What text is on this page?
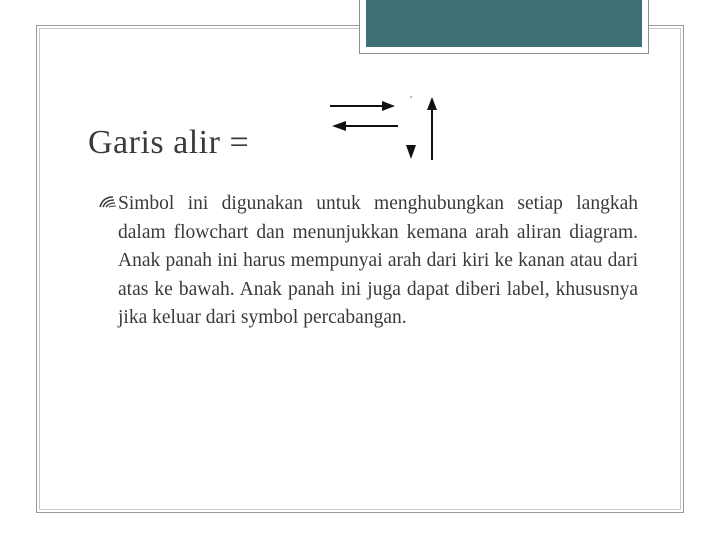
Garis alir =

Simbol ini digunakan untuk menghubungkan setiap langkah dalam flowchart dan menunjukkan kemana arah aliran diagram. Anak panah ini harus mempunyai arah dari kiri ke kanan atau dari atas ke bawah. Anak panah ini juga dapat diberi label, khususnya jika keluar dari symbol percabangan.
